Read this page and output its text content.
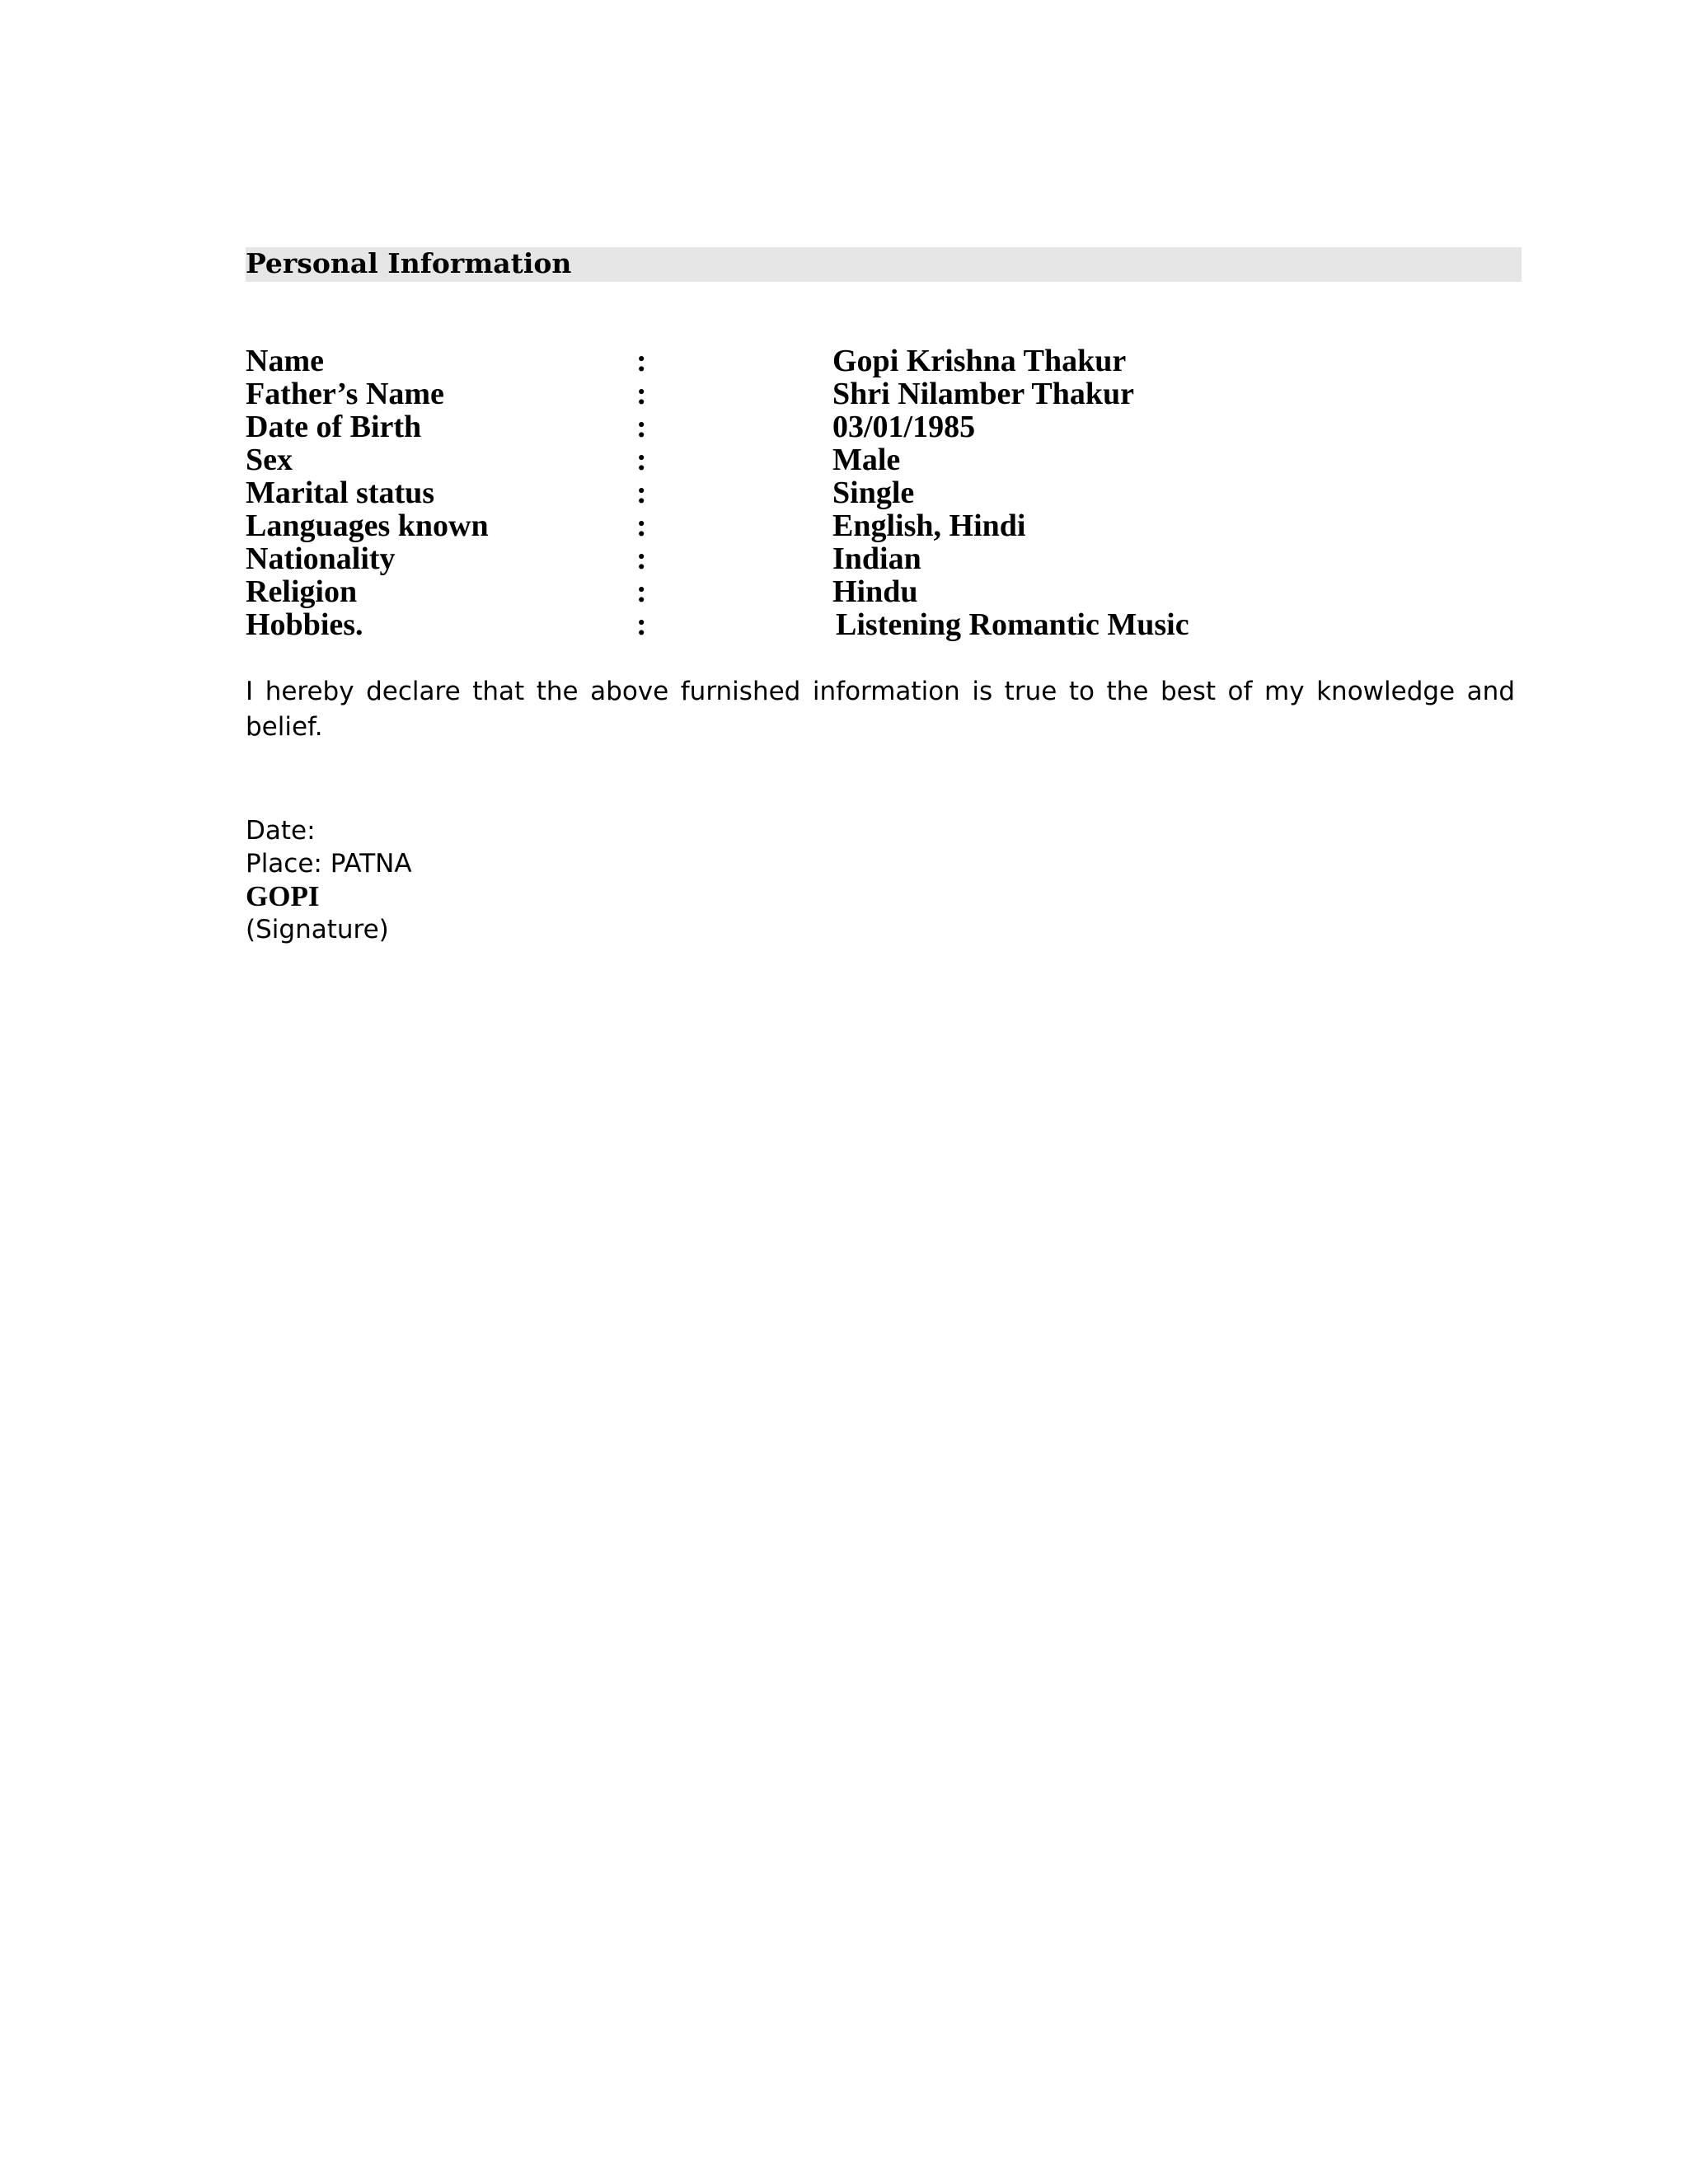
Personal Information
Name	:	Gopi Krishna Thakur
Father’s Name	:	Shri Nilamber Thakur
Date of Birth	:	03/01/1985
Sex	:	Male
Marital status	:	Single
Languages known	:	English, Hindi
Nationality	:	Indian
Religion	:	Hindu
Hobbies.	:	Listening Romantic Music
I hereby declare that the above furnished information is true to the best of my knowledge and belief.
Date:
Place: PATNA
GOPI
(Signature)
